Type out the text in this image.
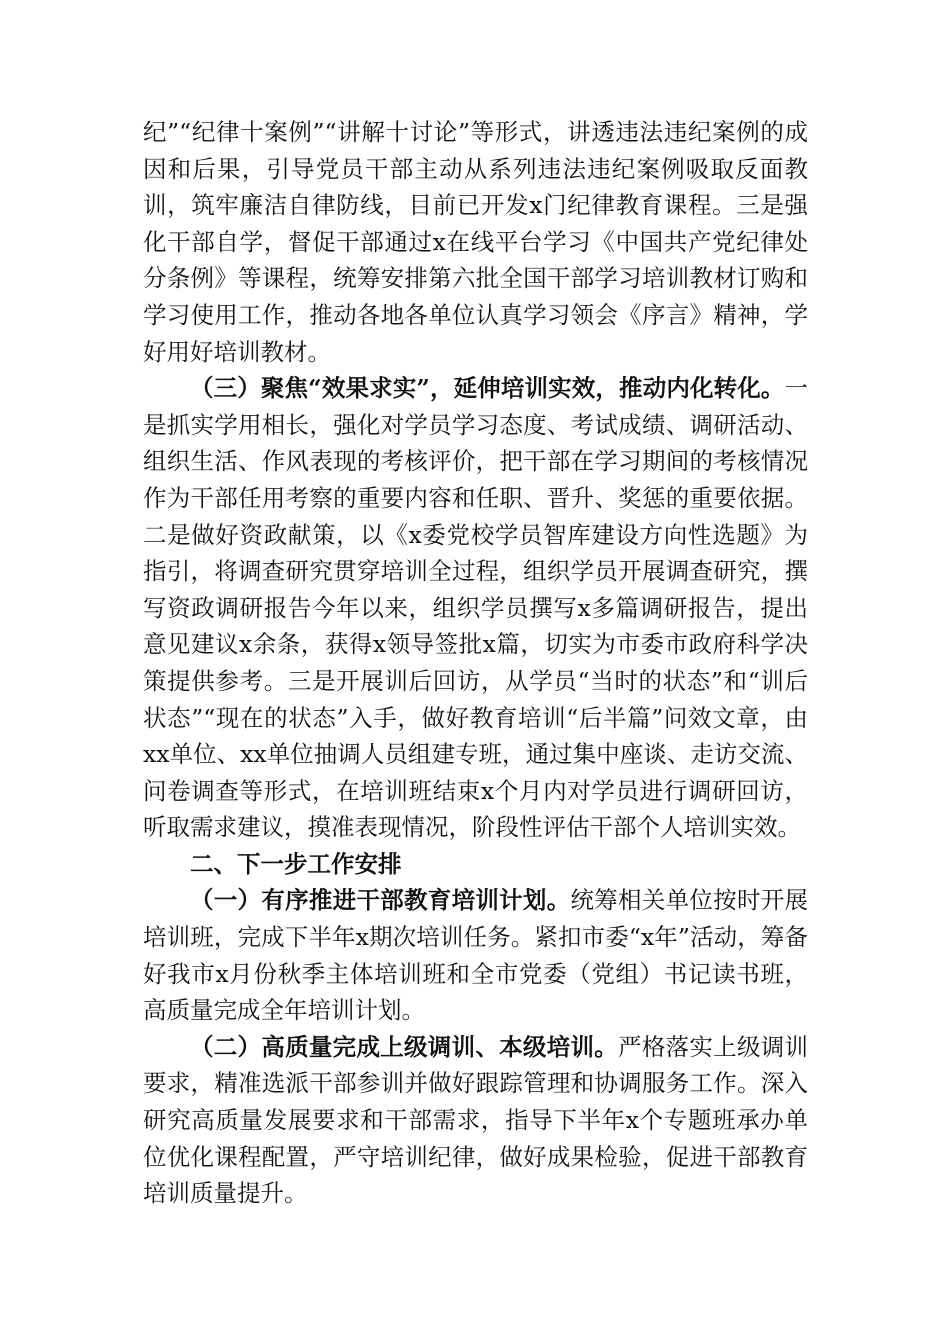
纪”“纪律十案例”“讲解十讨论”等形式，讲透违法违纪案例的成因和后果，引导党员干部主动从系列违法违纪案例吸取反面教训，筑牢廉洁自律防线，目前已开发x门纪律教育课程。三是强化干部自学，督促干部通过x在线平台学习《中国共产党纪律处分条例》等课程，统筹安排第六批全国干部学习培训教材订购和学习使用工作，推动各地各单位认真学习领会《序言》精神，学好用好培训教材。

（三）聚焦“效果求实”，延伸培训实效，推动内化转化。一是抓实学用相长，强化对学员学习态度、考试成绩、调研活动、组织生活、作风表现的考核评价，把干部在学习期间的考核情况作为干部任用考察的重要内容和任职、晋升、奖惩的重要依据。二是做好资政献策，以《x委党校学员智库建设方向性选题》为指引，将调查研究贯穿培训全过程，组织学员开展调查研究，撰写资政调研报告今年以来，组织学员撰写x多篇调研报告，提出意见建议x余条，获得x领导签批x篇，切实为市委市政府科学决策提供参考。三是开展训后回访，从学员“当时的状态”和“训后状态”“现在的状态”入手，做好教育培训“后半篇”问效文章，由xx单位、xx单位抽调人员组建专班，通过集中座谈、走访交流、问卷调查等形式，在培训班结束x个月内对学员进行调研回访，听取需求建议，摸准表现情况，阶段性评估干部个人培训实效。

二、下一步工作安排

（一）有序推进干部教育培训计划。统筹相关单位按时开展培训班，完成下半年x期次培训任务。紧扣市委“x年”活动，筹备好我市x月份秋季主体培训班和全市党委（党组）书记读书班，高质量完成全年培训计划。

（二）高质量完成上级调训、本级培训。严格落实上级调训要求，精准选派干部参训并做好跟踪管理和协调服务工作。深入研究高质量发展要求和干部需求，指导下半年x个专题班承办单位优化课程配置，严守培训纪律，做好成果检验，促进干部教育培训质量提升。
